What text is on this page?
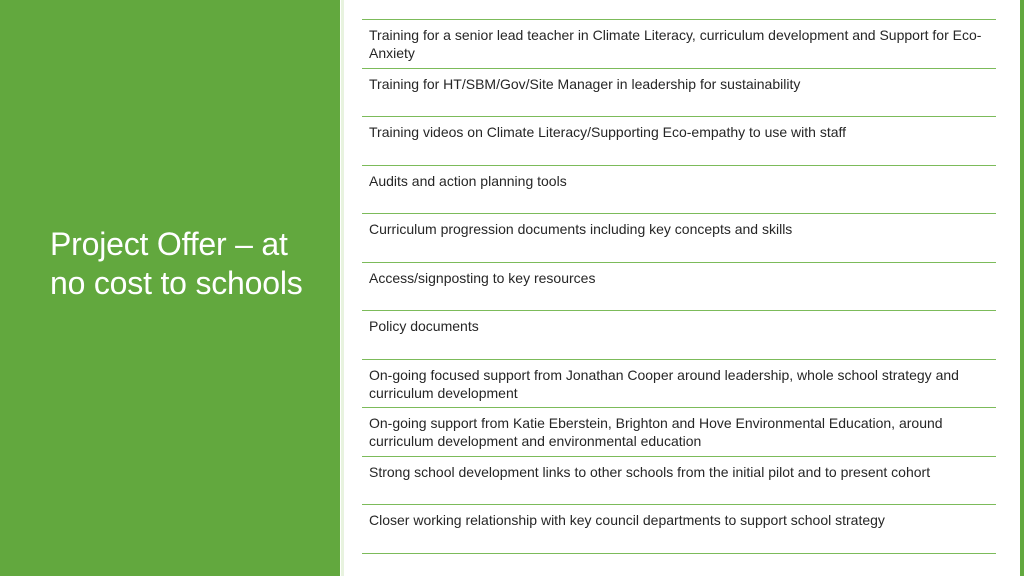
Project Offer – at no cost to schools
Training for a senior lead teacher in Climate Literacy, curriculum development and Support for Eco-Anxiety
Training for HT/SBM/Gov/Site Manager in leadership for sustainability
Training videos on Climate Literacy/Supporting Eco-empathy to use with staff
Audits and action planning tools
Curriculum progression documents including key concepts and skills
Access/signposting to key resources
Policy documents
On-going focused support from Jonathan Cooper around leadership, whole school strategy and curriculum development
On-going support from Katie Eberstein, Brighton and Hove Environmental Education, around curriculum development and environmental education
Strong school development links to other schools from the initial pilot and to present cohort
Closer working relationship with key council departments to support school strategy
